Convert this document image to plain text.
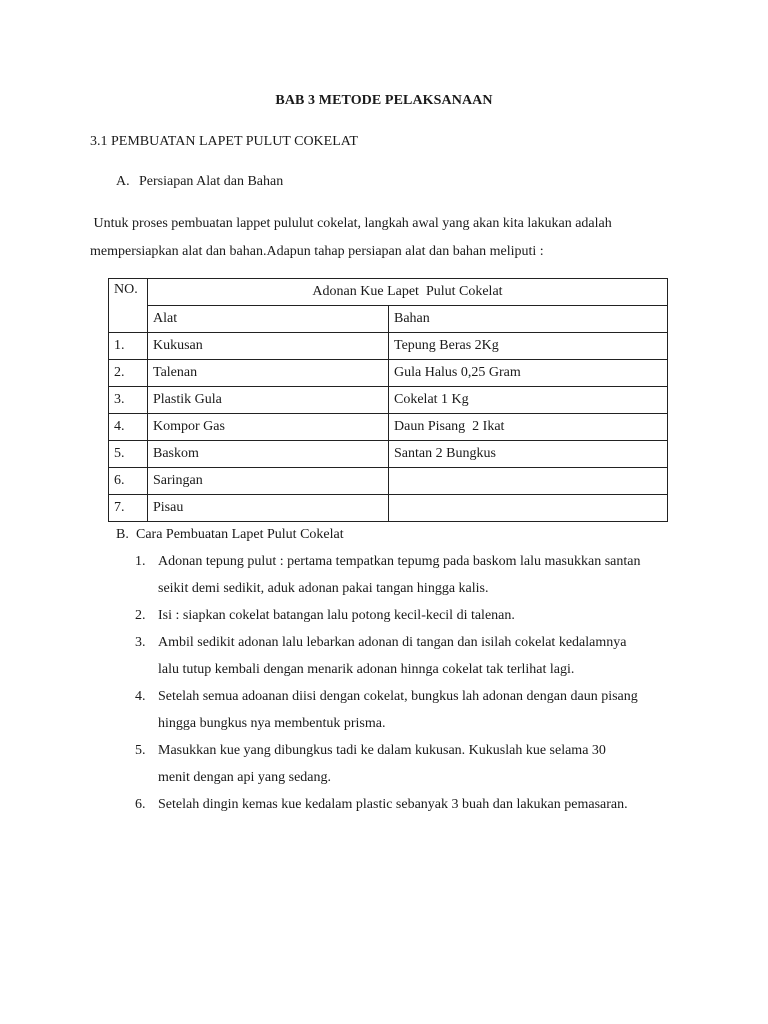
BAB 3 METODE PELAKSANAAN
3.1 PEMBUATAN LAPET PULUT COKELAT
A. Persiapan Alat dan Bahan
Untuk proses pembuatan lappet pululut cokelat, langkah awal yang akan kita lakukan adalah
mempersiapkan alat dan bahan.Adapun tahap persiapan alat dan bahan meliputi :
NO.	Adonan Kue Lapet  Pulut Cokelat	
	Alat	Bahan
1.	Kukusan	Tepung Beras 2Kg
2.	Talenan	Gula Halus 0,25 Gram
3.	Plastik Gula	Cokelat 1 Kg
4.	Kompor Gas	Daun Pisang  2 Ikat
5.	Baskom	Santan 2 Bungkus
6.	Saringan	
7.	Pisau	
B. Cara Pembuatan Lapet Pulut Cokelat
1. Adonan tepung pulut : pertama tempatkan tepumg pada baskom lalu masukkan santan
seikit demi sedikit, aduk adonan pakai tangan hingga kalis.
2. Isi : siapkan cokelat batangan lalu potong kecil-kecil di talenan.
3. Ambil sedikit adonan lalu lebarkan adonan di tangan dan isilah cokelat kedalamnya
lalu tutup kembali dengan menarik adonan hinnga cokelat tak terlihat lagi.
4. Setelah semua adoanan diisi dengan cokelat, bungkus lah adonan dengan daun pisang
hingga bungkus nya membentuk prisma.
5. Masukkan kue yang dibungkus tadi ke dalam kukusan. Kukuslah kue selama 30
menit dengan api yang sedang.
6. Setelah dingin kemas kue kedalam plastic sebanyak 3 buah dan lakukan pemasaran.
